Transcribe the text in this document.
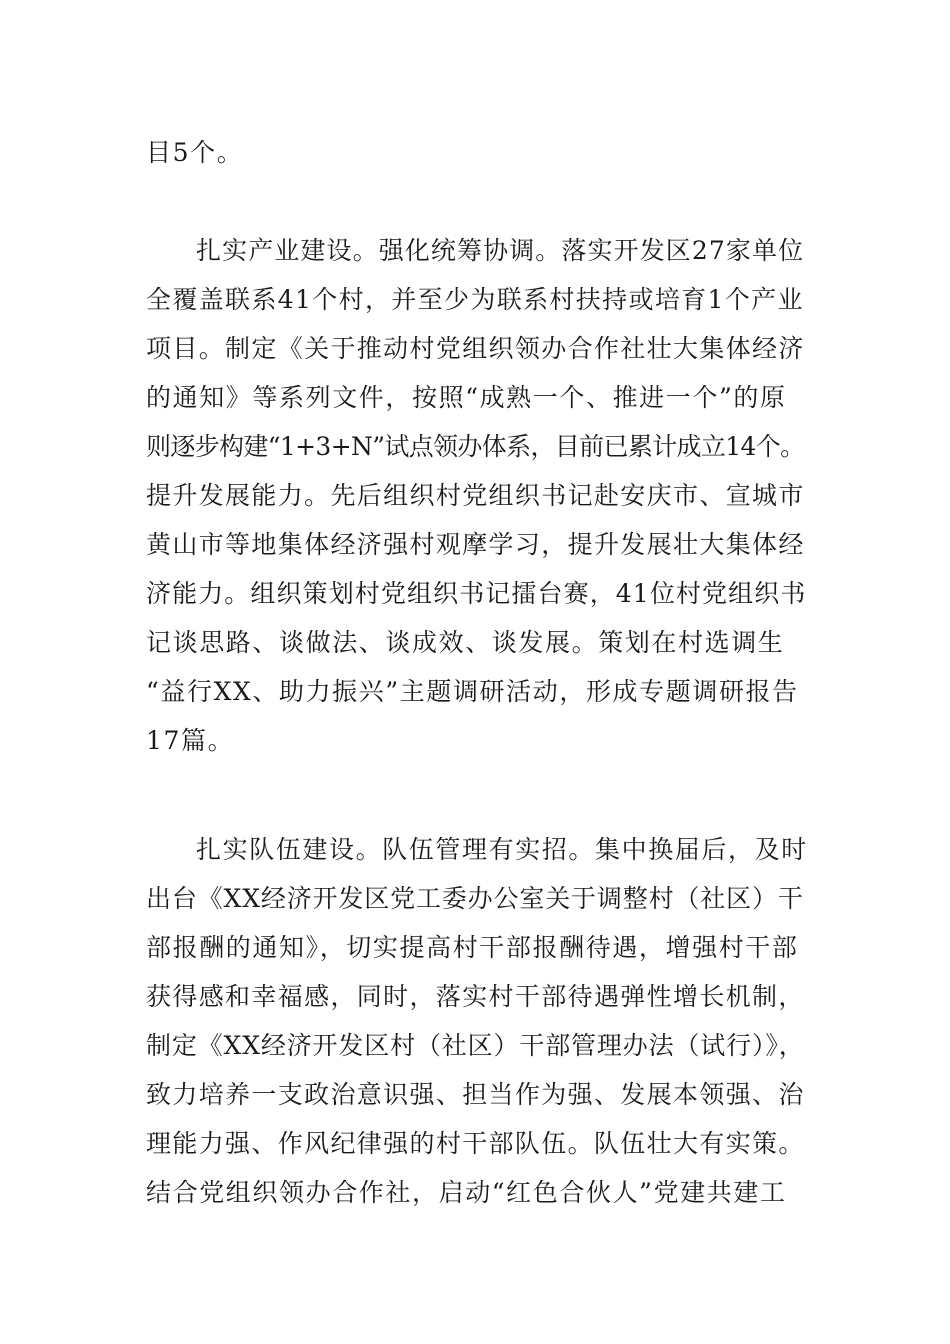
目5个。
扎实产业建设。强化统筹协调。落实开发区27家单位
全覆盖联系41个村，并至少为联系村扶持或培育1个产业
项目。制定《关于推动村党组织领办合作社壮大集体经济
的通知》等系列文件，按照“成熟一个、推进一个”的原
则逐步构建“1+3+N”试点领办体系，目前已累计成立14个。
提升发展能力。先后组织村党组织书记赴安庆市、宣城市
黄山市等地集体经济强村观摩学习，提升发展壮大集体经
济能力。组织策划村党组织书记擂台赛，41位村党组织书
记谈思路、谈做法、谈成效、谈发展。策划在村选调生
“益行XX、助力振兴”主题调研活动，形成专题调研报告
17篇。
扎实队伍建设。队伍管理有实招。集中换届后，及时
出台《XX经济开发区党工委办公室关于调整村（社区）干
部报酬的通知》，切实提高村干部报酬待遇，增强村干部
获得感和幸福感，同时，落实村干部待遇弹性增长机制，
制定《XX经济开发区村（社区）干部管理办法（试行）》，
致力培养一支政治意识强、担当作为强、发展本领强、治
理能力强、作风纪律强的村干部队伍。队伍壮大有实策。
结合党组织领办合作社，启动“红色合伙人”党建共建工
